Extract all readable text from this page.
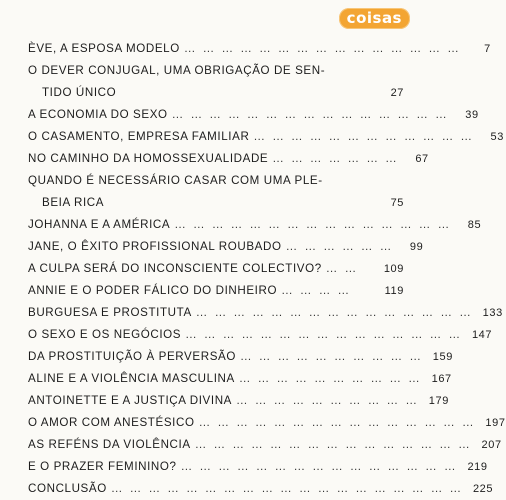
coisas
ÈVE, A ESPOSA MODELO … … … … … … … … … … … … … … …	7
O DEVER CONJUGAL, UMA OBRIGAÇÃO DE SEN-
TIDO ÚNICO	27
A ECONOMIA DO SEXO … … … … … … … … … … … … … … …	39
O CASAMENTO, EMPRESA FAMILIAR … … … … … … … … … … … …	53
NO CAMINHO DA HOMOSSEXUALIDADE … … … … … … …	67
QUANDO É NECESSÁRIO CASAR COM UMA PLE-
BEIA RICA	75
JOHANNA E A AMÉRICA … … … … … … … … … … … … … … …	85
JANE, O ÊXITO PROFISSIONAL ROUBADO … … … … … …	99
A CULPA SERÁ DO INCONSCIENTE COLECTIVO? … …	109
ANNIE E O PODER FÁLICO DO DINHEIRO … … … …	119
BURGUESA E PROSTITUTA … … … … … … … … … … … … … … … 133
O SEXO E OS NEGÓCIOS … … … … … … … … … … … … … … … 147
DA PROSTITUIÇÃO À PERVERSÃO … … … … … … … … … … 159
ALINE E A VIOLÊNCIA MASCULINA … … … … … … … … … … 167
ANTOINETTE E A JUSTIÇA DIVINA … … … … … … … … … … 179
O AMOR COM ANESTÉSICO … … … … … … … … … … … … … … … 197
AS REFÉNS DA VIOLÊNCIA … … … … … … … … … … … … … … … 207
E O PRAZER FEMININO? … … … … … … … … … … … … … … … 219
CONCLUSÃO … … … … … … … … … … … … … … … … … … … 225
